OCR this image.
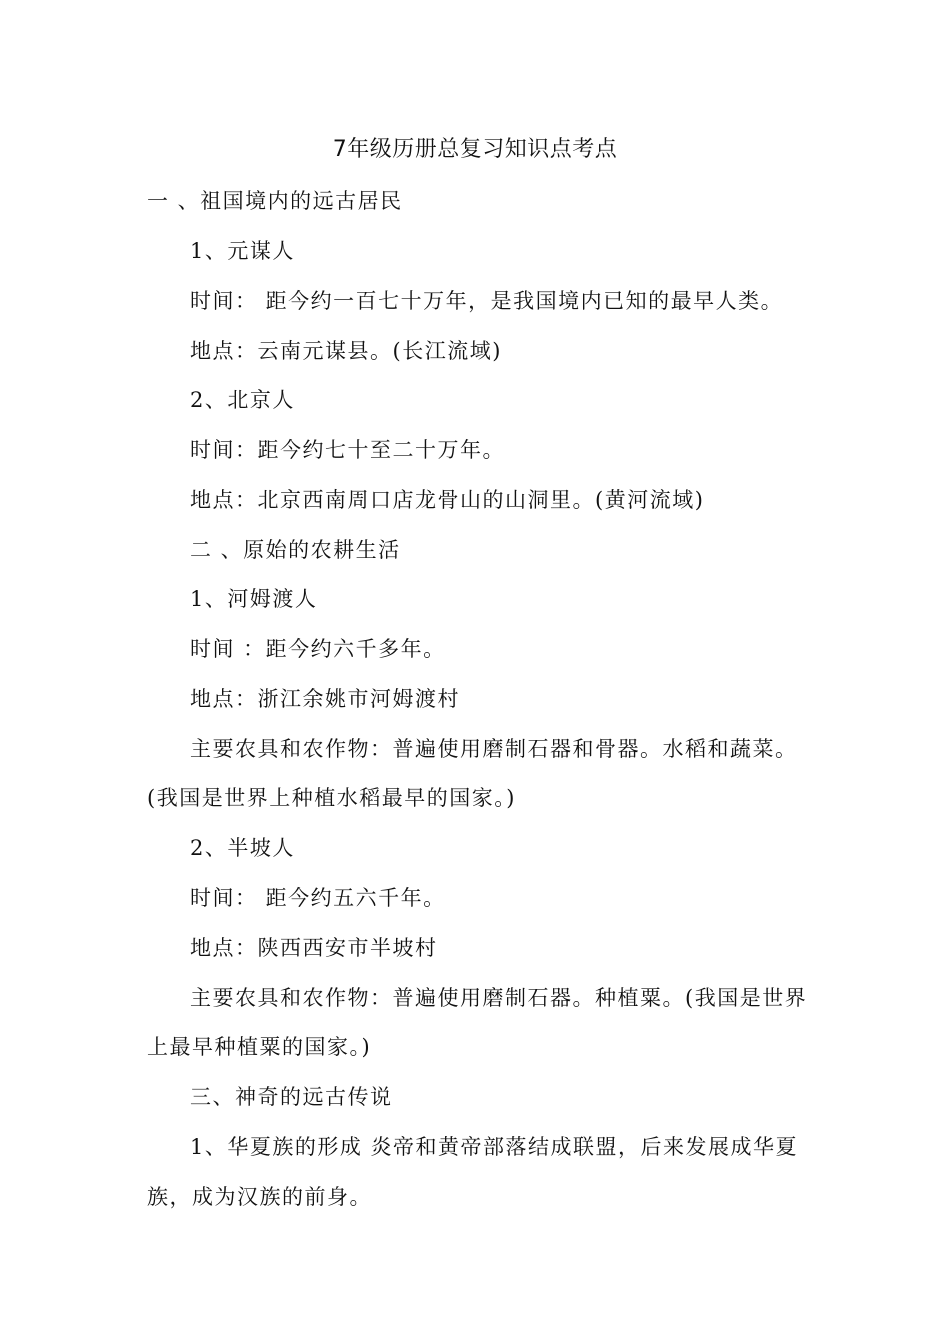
7年级历册总复习知识点考点
一 、祖国境内的远古居民
1、元谋人
时间： 距今约一百七十万年，是我国境内已知的最早人类。
地点：云南元谋县。(长江流域)
2、北京人
时间：距今约七十至二十万年。
地点：北京西南周口店龙骨山的山洞里。(黄河流域)
二 、原始的农耕生活
1、河姆渡人
时间 ：距今约六千多年。
地点：浙江余姚市河姆渡村
主要农具和农作物：普遍使用磨制石器和骨器。水稻和蔬菜。
(我国是世界上种植水稻最早的国家。)
2、半坡人
时间： 距今约五六千年。
地点：陕西西安市半坡村
主要农具和农作物：普遍使用磨制石器。种植粟。(我国是世界
上最早种植粟的国家。)
三、神奇的远古传说
1、华夏族的形成 炎帝和黄帝部落结成联盟，后来发展成华夏
族，成为汉族的前身。
